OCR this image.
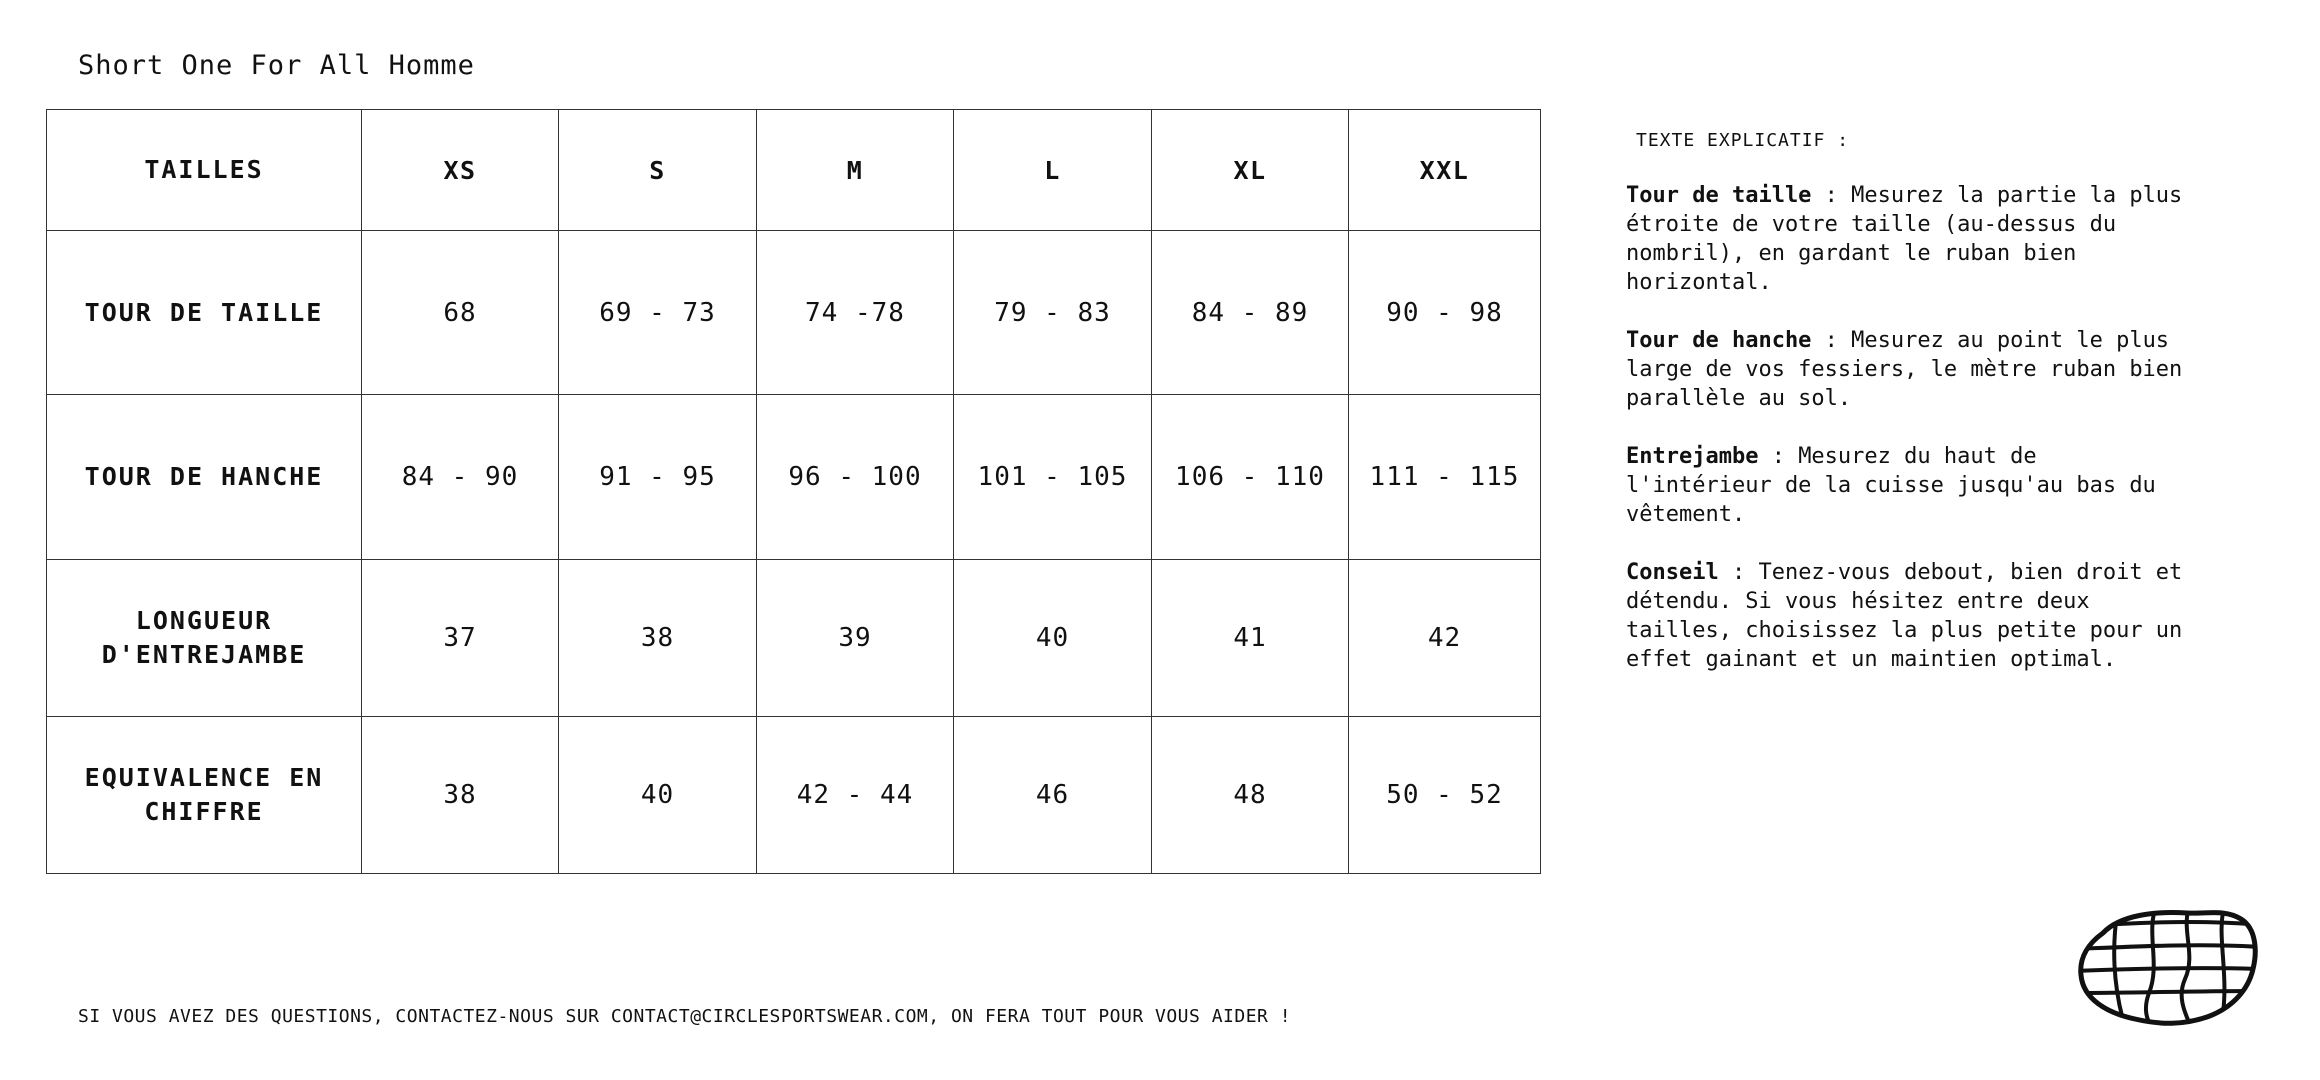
Short One For All Homme
TAILLES	XS	S	M	L	XL	XXL
TOUR DE TAILLE	68	69 - 73	74 -78	79 - 83	84 - 89	90 - 98
TOUR DE HANCHE	84 - 90	91 - 95	96 - 100	101 - 105	106 - 110	111 - 115
LONGUEUR
D'ENTREJAMBE	37	38	39	40	41	42
EQUIVALENCE EN
CHIFFRE	38	40	42 - 44	46	48	50 - 52
TEXTE EXPLICATIF :
Tour de taille : Mesurez la partie la plus étroite de votre taille (au-dessus du nombril), en gardant le ruban bien horizontal.
Tour de hanche : Mesurez au point le plus large de vos fessiers, le mètre ruban bien parallèle au sol.
Entrejambe : Mesurez du haut de l'intérieur de la cuisse jusqu'au bas du vêtement.
Conseil : Tenez-vous debout, bien droit et détendu. Si vous hésitez entre deux tailles, choisissez la plus petite pour un effet gainant et un maintien optimal.
SI VOUS AVEZ DES QUESTIONS, CONTACTEZ-NOUS SUR CONTACT@CIRCLESPORTSWEAR.COM, ON FERA TOUT POUR VOUS AIDER !
